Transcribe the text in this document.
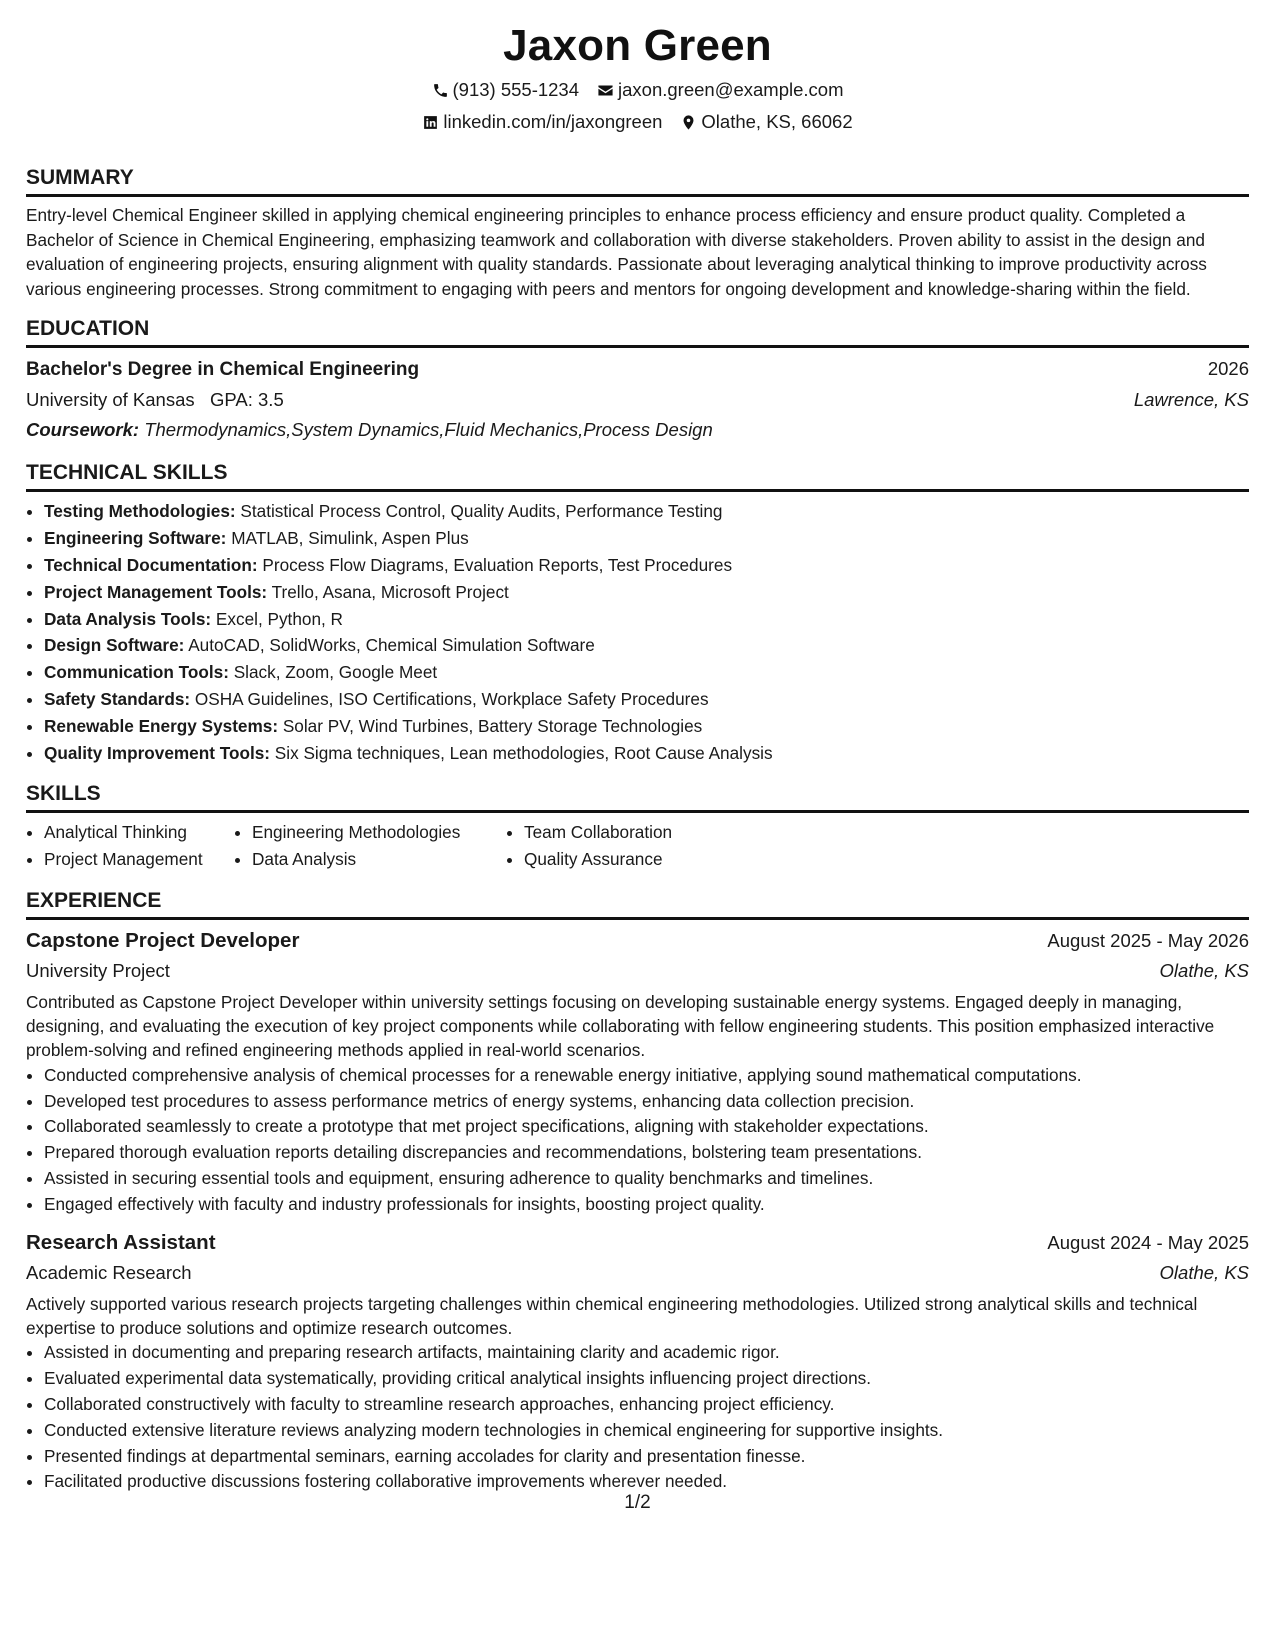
Jaxon Green
(913) 555-1234 jaxon.green@example.com
linkedin.com/in/jaxongreen Olathe, KS, 66062
SUMMARY

Entry-level Chemical Engineer skilled in applying chemical engineering principles to enhance process efficiency and ensure product quality. Completed a Bachelor of Science in Chemical Engineering, emphasizing teamwork and collaboration with diverse stakeholders. Proven ability to assist in the design and evaluation of engineering projects, ensuring alignment with quality standards. Passionate about leveraging analytical thinking to improve productivity across various engineering processes. Strong commitment to engaging with peers and mentors for ongoing development and knowledge-sharing within the field.

EDUCATION
Bachelor's Degree in Chemical Engineering	2026
University of Kansas GPA: 3.5	Lawrence, KS
Coursework: Thermodynamics,System Dynamics,Fluid Mechanics,Process Design
TECHNICAL SKILLS
• Testing Methodologies: Statistical Process Control, Quality Audits, Performance Testing
• Engineering Software: MATLAB, Simulink, Aspen Plus
• Technical Documentation: Process Flow Diagrams, Evaluation Reports, Test Procedures
• Project Management Tools: Trello, Asana, Microsoft Project
• Data Analysis Tools: Excel, Python, R
• Design Software: AutoCAD, SolidWorks, Chemical Simulation Software
• Communication Tools: Slack, Zoom, Google Meet
• Safety Standards: OSHA Guidelines, ISO Certifications, Workplace Safety Procedures
• Renewable Energy Systems: Solar PV, Wind Turbines, Battery Storage Technologies
• Quality Improvement Tools: Six Sigma techniques, Lean methodologies, Root Cause Analysis
SKILLS
• Analytical Thinking
• Project Management
• Engineering Methodologies
• Data Analysis
• Team Collaboration
• Quality Assurance
EXPERIENCE
Capstone Project Developer	August 2025 - May 2026
University Project	Olathe, KS

Contributed as Capstone Project Developer within university settings focusing on developing sustainable energy systems. Engaged deeply in managing, designing, and evaluating the execution of key project components while collaborating with fellow engineering students. This position emphasized interactive problem-solving and refined engineering methods applied in real-world scenarios.

• Conducted comprehensive analysis of chemical processes for a renewable energy initiative, applying sound mathematical computations.
• Developed test procedures to assess performance metrics of energy systems, enhancing data collection precision.
• Collaborated seamlessly to create a prototype that met project specifications, aligning with stakeholder expectations.
• Prepared thorough evaluation reports detailing discrepancies and recommendations, bolstering team presentations.
• Assisted in securing essential tools and equipment, ensuring adherence to quality benchmarks and timelines.
• Engaged effectively with faculty and industry professionals for insights, boosting project quality.
Research Assistant	August 2024 - May 2025
Academic Research	Olathe, KS

Actively supported various research projects targeting challenges within chemical engineering methodologies. Utilized strong analytical skills and technical expertise to produce solutions and optimize research outcomes.

• Assisted in documenting and preparing research artifacts, maintaining clarity and academic rigor.
• Evaluated experimental data systematically, providing critical analytical insights influencing project directions.
• Collaborated constructively with faculty to streamline research approaches, enhancing project efficiency.
• Conducted extensive literature reviews analyzing modern technologies in chemical engineering for supportive insights.
• Presented findings at departmental seminars, earning accolades for clarity and presentation finesse.
• Facilitated productive discussions fostering collaborative improvements wherever needed.
1/2
